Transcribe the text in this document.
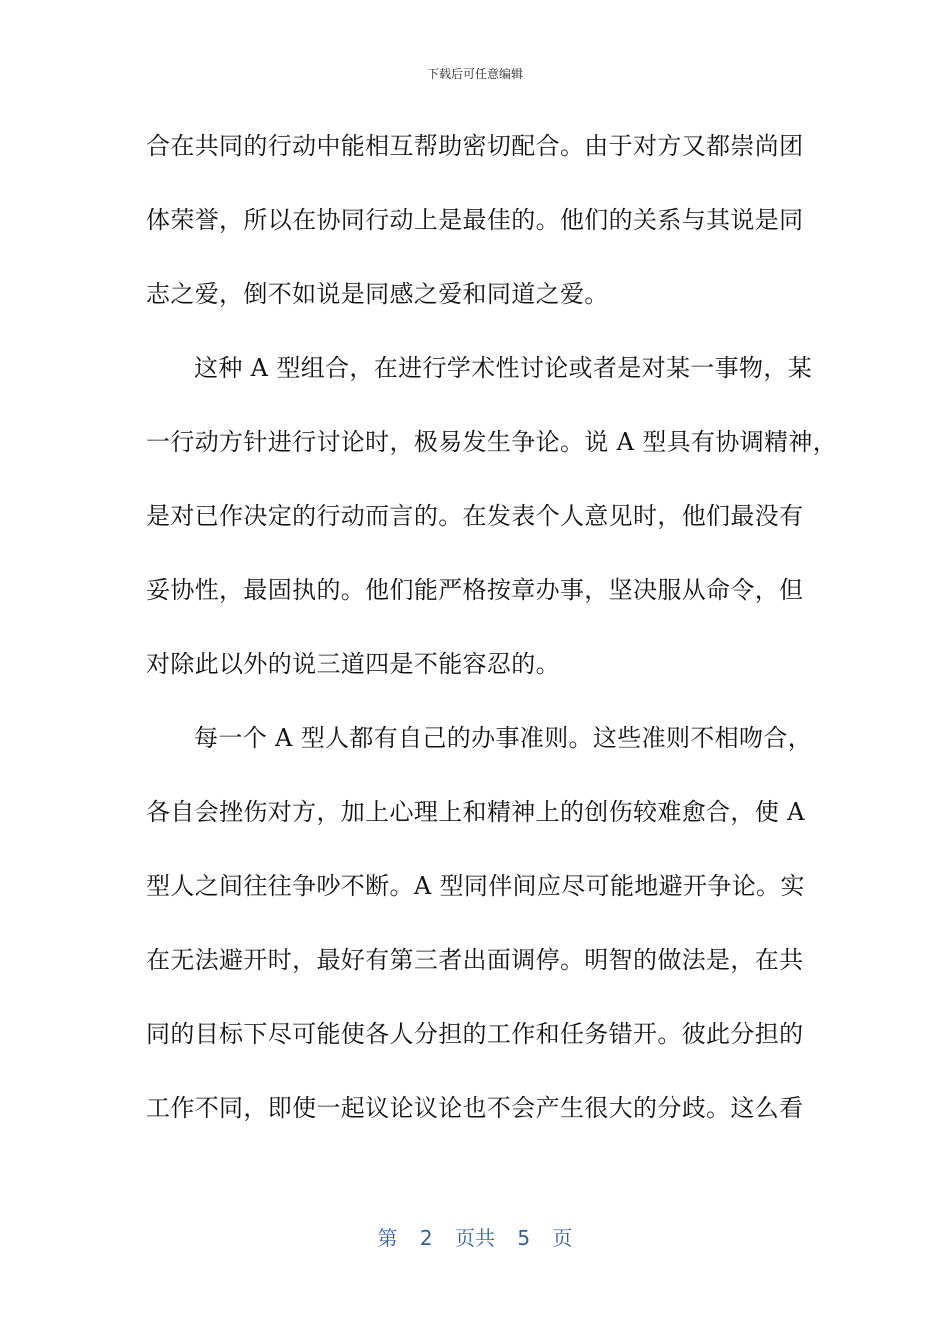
下载后可任意编辑
合在共同的行动中能相互帮助密切配合。由于对方又都崇尚团
体荣誉，所以在协同行动上是最佳的。他们的关系与其说是同
志之爱，倒不如说是同感之爱和同道之爱。
这种 A 型组合，在进行学术性讨论或者是对某一事物，某
一行动方针进行讨论时，极易发生争论。说 A 型具有协调精神，
是对已作决定的行动而言的。在发表个人意见时，他们最没有
妥协性，最固执的。他们能严格按章办事，坚决服从命令，但
对除此以外的说三道四是不能容忍的。
每一个 A 型人都有自己的办事准则。这些准则不相吻合，
各自会挫伤对方，加上心理上和精神上的创伤较难愈合，使 A
型人之间往往争吵不断。A 型同伴间应尽可能地避开争论。实
在无法避开时，最好有第三者出面调停。明智的做法是，在共
同的目标下尽可能使各人分担的工作和任务错开。彼此分担的
工作不同，即使一起议论议论也不会产生很大的分歧。这么看
第 2 页共 5 页
